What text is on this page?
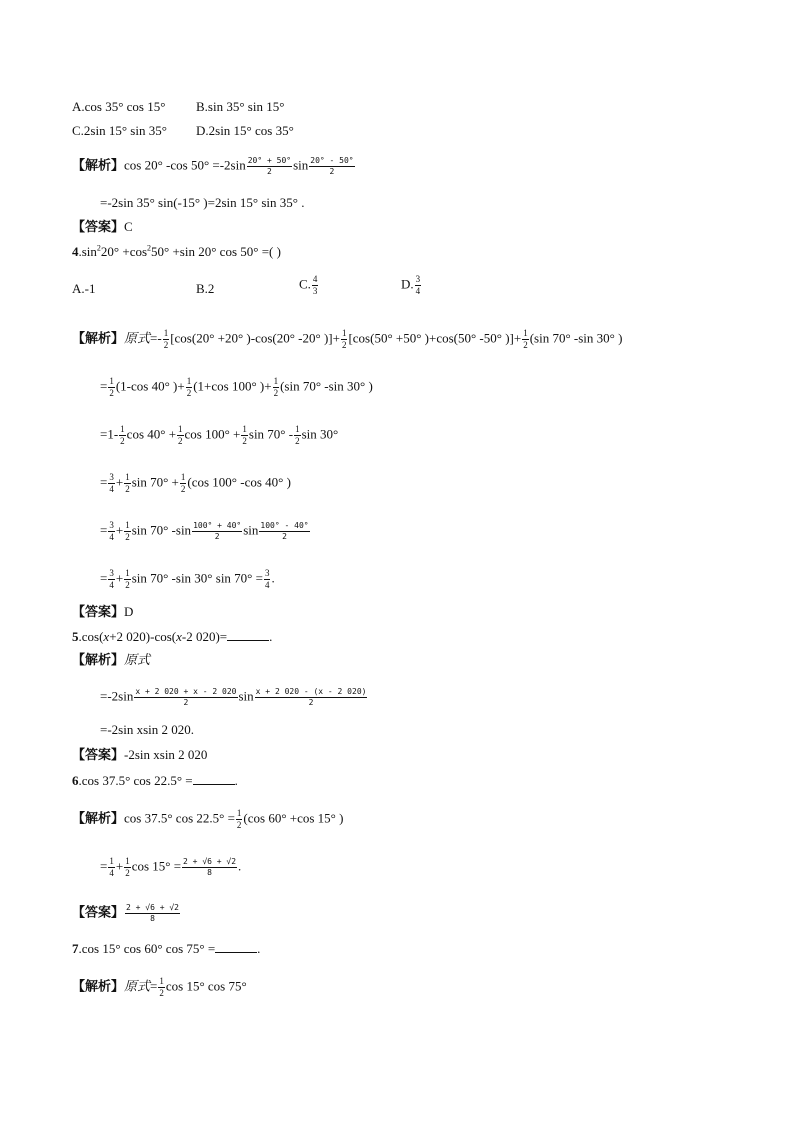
A.cos 35° cos 15° B.sin 35° sin 15°
C.2sin 15° sin 35° D.2sin 15° cos 35°
【解析】cos 20° -cos $50^\circ =-2\sin \frac{20^\circ + 50^\circ}{2}$ $\sin \frac{20^\circ - 50^\circ}{2}$
=-2sin 35° sin(-15° )=2sin 15° sin 35° .
【答案】C
$4.\sin^220^\circ +\cos^250^\circ +\sin$ 20° cos 50° =( )
A.-1	B.2	C. $\frac{4}{3}$	D. $\frac{3}{4}$
【解析】原式=- $\frac{1}{2} [\cos(20^\circ +20^\circ$ )-cos(20° -20° )]+ $\frac{1}{2} [\cos(50^\circ +50^\circ$ )+cos(50° -50° )]+ $\frac{1}{2} (\sin$ 70° -sin 30° )
= $\frac{1}{2} (1-\cos$ 40° )+ $\frac{1}{2} (1+\cos$ 100° )+ $\frac{1}{2} (\sin$ 70° -sin 30° )
$=1- \frac{1}{2}$ $\cos 40^\circ + \frac{1}{2}$ $\cos 100^\circ + \frac{1}{2}$ $\sin 70^\circ - \frac{1}{2}$ sin 30°
= $\frac{3}{4} + \frac{1}{2}$ $\sin 70^\circ + \frac{1}{2} (\cos$ 100° -cos 40° )
= $\frac{3}{4} + \frac{1}{2}$ sin 70° $-\sin \frac{100^\circ + 40^\circ}{2}$ $\sin \frac{100^\circ - 40^\circ}{2}$
= $\frac{3}{4} + \frac{1}{2}$ sin 70° -sin 30° $\sin 70^\circ = \frac{3}{4}$ .
【答案】D
5.cos(x+2 020)-cos(x-2 020)=	.
【解析】原式
$=-2\sin \frac{x + 2 020 + x - 2 020}{2}$ $\sin \frac{x + 2 020 - (x - 2 020)}{2}$
=-2sin xsin 2 020.
【答案】-2sin xsin 2 020
6.cos 37.5° cos 22.5° =	.
【解析】cos 37.5° $\cos 22.5^\circ = \frac{1}{2} (\cos$ 60° +cos 15° )
= $\frac{1}{4} + \frac{1}{2}$ $\cos 15^\circ = \frac{2 + √6 + √2}{8}$ .
【答案】 $\frac{2 + √6 + √2}{8}$
7.cos 15° cos 60° cos 75° =	.
【解析】原式= $\frac{1}{2}$ cos 15° cos 75°
